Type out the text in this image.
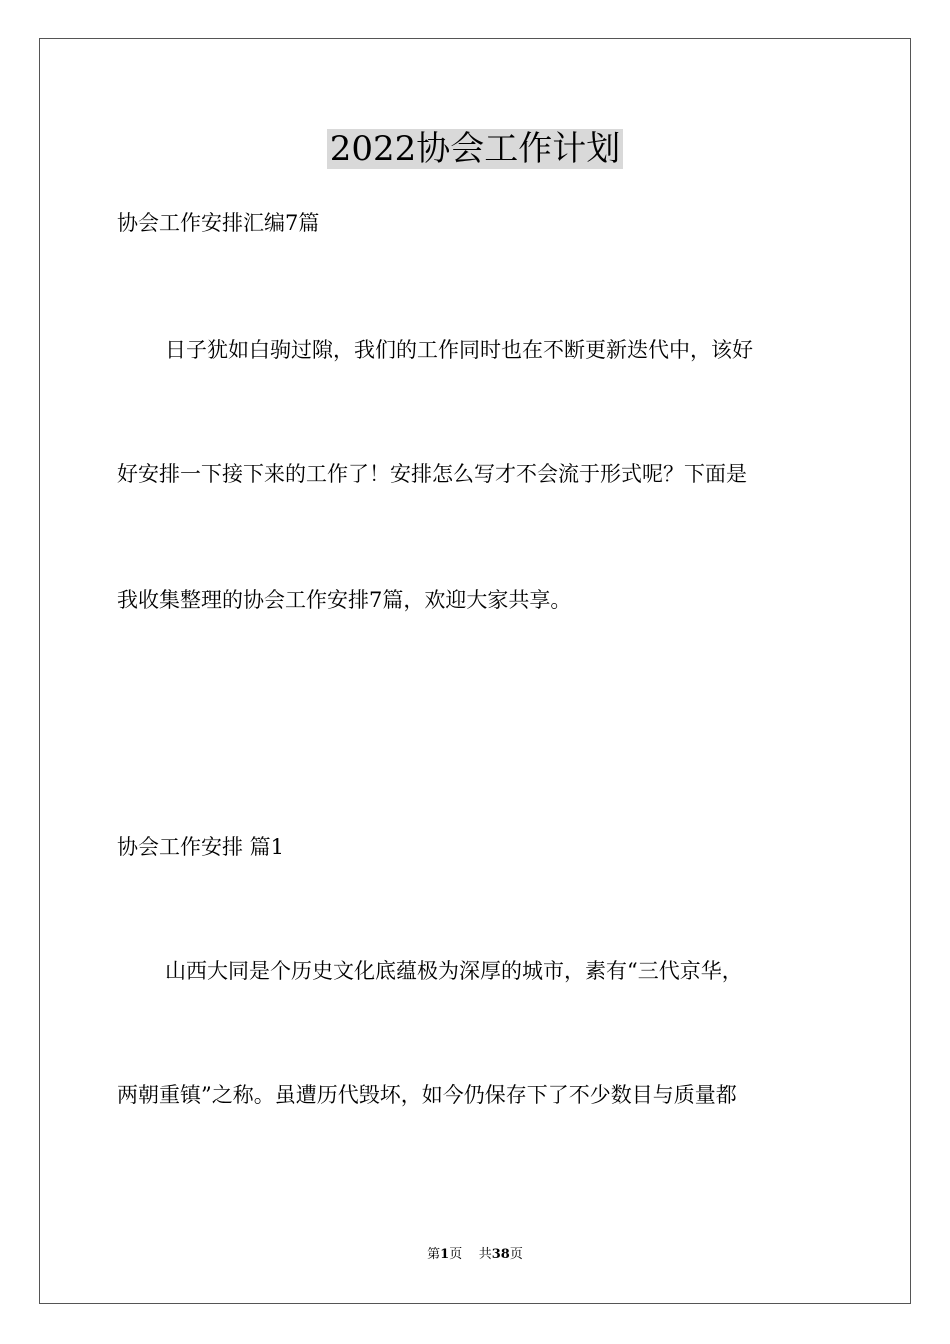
2022协会工作计划

协会工作安排汇编7篇

日子犹如白驹过隙，我们的工作同时也在不断更新迭代中，该好

好安排一下接下来的工作了！安排怎么写才不会流于形式呢？下面是

我收集整理的协会工作安排7篇，欢迎大家共享。

协会工作安排 篇1

山西大同是个历史文化底蕴极为深厚的城市，素有“三代京华，

两朝重镇”之称。虽遭历代毁坏，如今仍保存下了不少数目与质量都

第1页 共38页
